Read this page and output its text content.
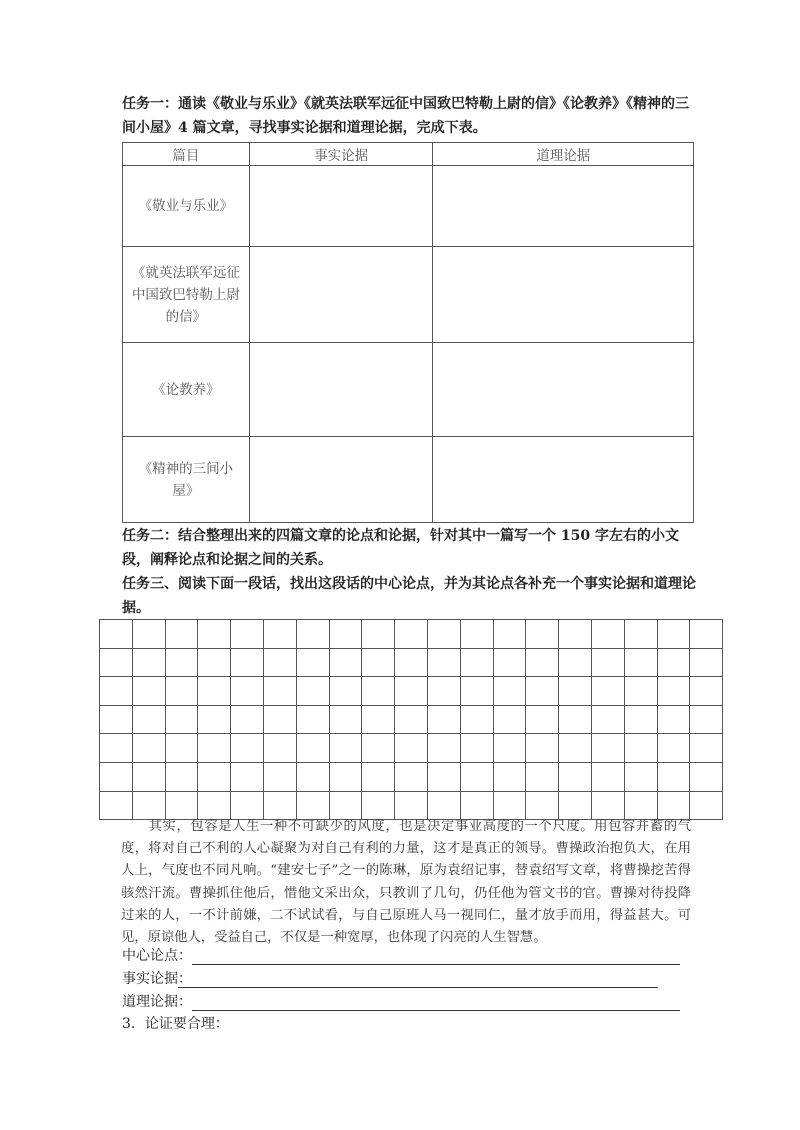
任务一：通读《敬业与乐业》《就英法联军远征中国致巴特勒上尉的信》《论教养》《精神的三间小屋》4 篇文章，寻找事实论据和道理论据，完成下表。
篇目	事实论据	道理论据
《敬业与乐业》		
《就英法联军远征中国致巴特勒上尉的信》		
《论教养》		
《精神的三间小屋》		
任务二：结合整理出来的四篇文章的论点和论据，针对其中一篇写一个 150 字左右的小文段，阐释论点和论据之间的关系。
任务三、阅读下面一段话，找出这段话的中心论点，并为其论点各补充一个事实论据和道理论据。

其实，包容是人生一种不可缺少的风度，也是决定事业高度的一个尺度。用包容并蓄的气度，将对自己不利的人心凝聚为对自己有利的力量，这才是真正的领导。曹操政治抱负大，在用人上，气度也不同凡响。“建安七子”之一的陈琳，原为袁绍记事，替袁绍写文章，将曹操挖苦得骇然汗流。曹操抓住他后，惜他文采出众，只教训了几句，仍任他为管文书的官。曹操对待投降过来的人，一不计前嫌，二不试试看，与自己原班人马一视同仁，量才放手而用，得益甚大。可见，原谅他人，受益自己，不仅是一种宽厚，也体现了闪亮的人生智慧。
中心论点：
事实论据：
道理论据：
3．论证要合理：
